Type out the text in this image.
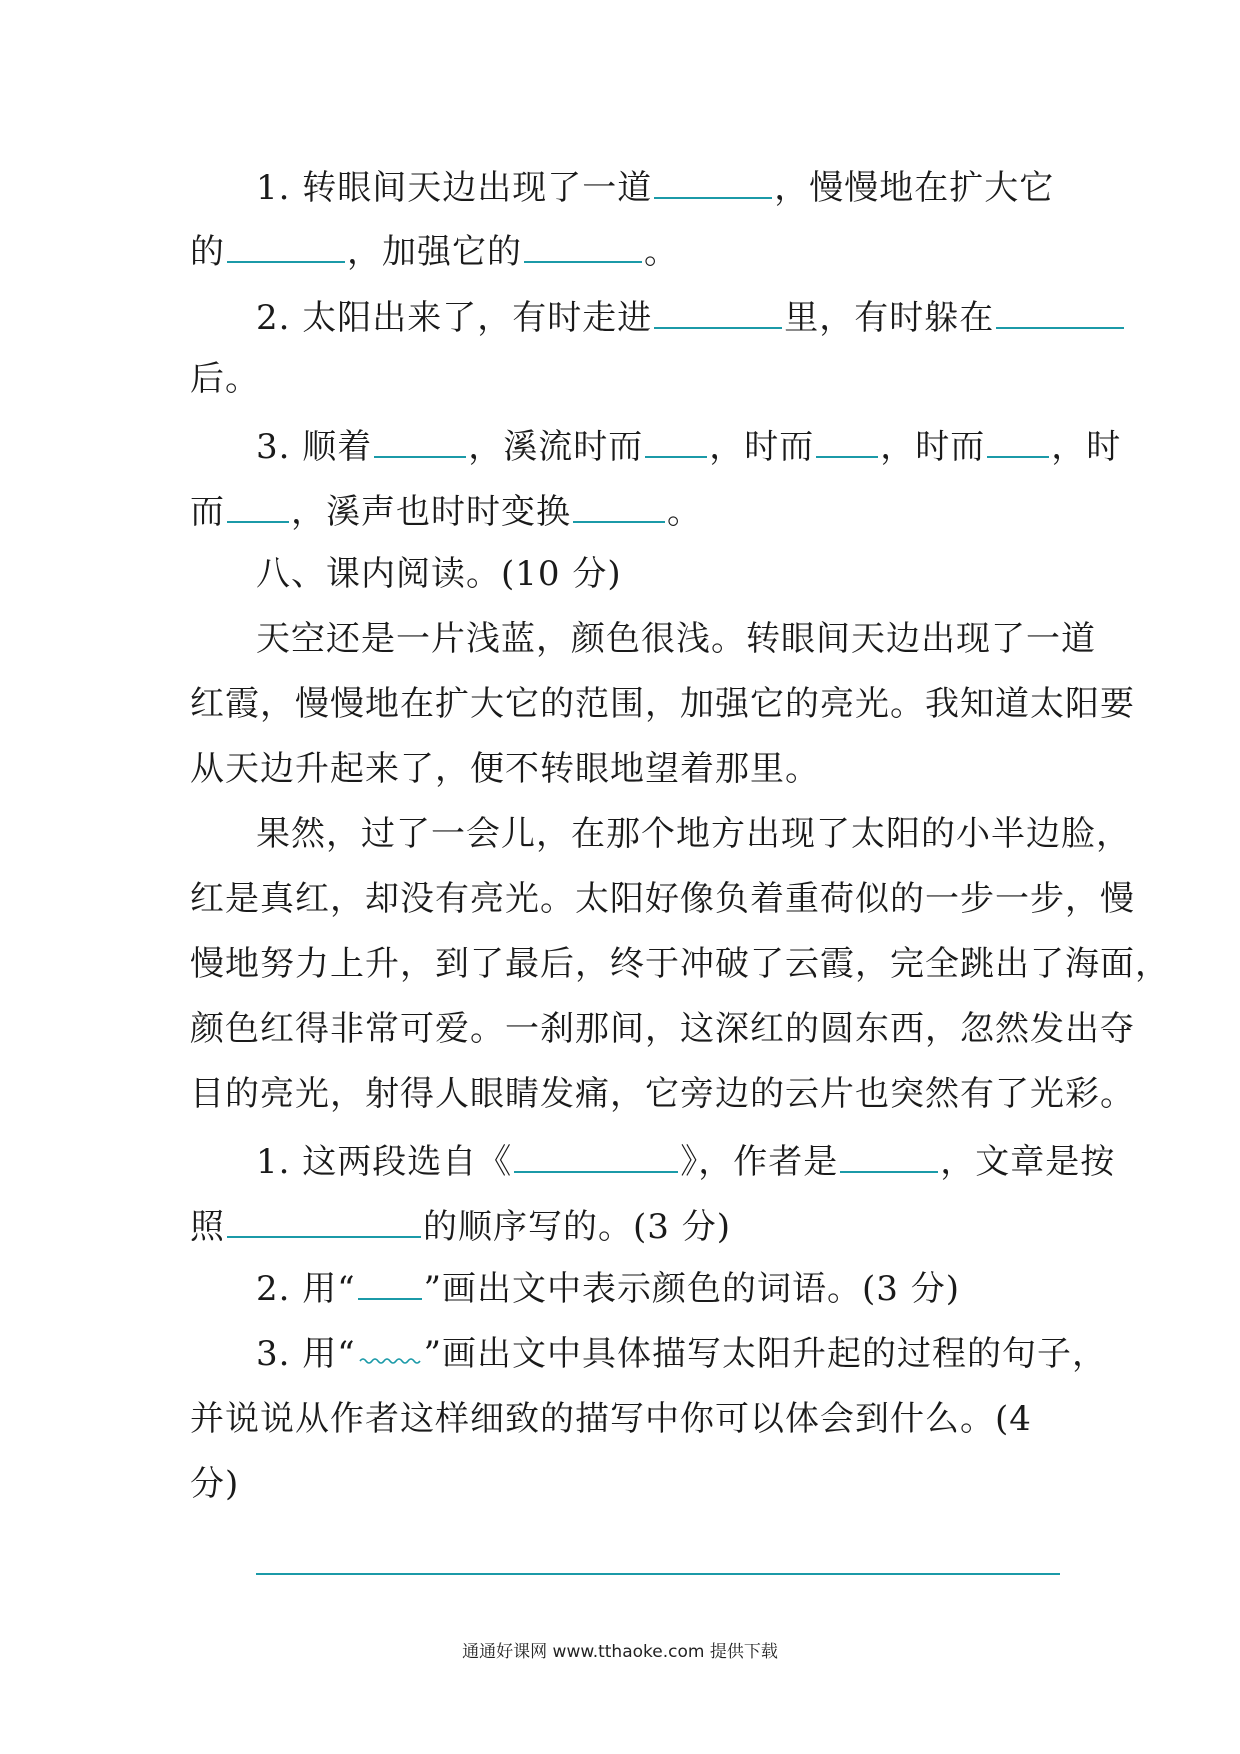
1. 转眼间天边出现了一道	，慢慢地在扩大它
的	，加强它的	。
2. 太阳出来了，有时走进	里，有时躲在
后。
3. 顺着	，溪流时而 ，时而 ，时而 ，时
而 ，溪声也时时变换	。
八、课内阅读。(10 分)
天空还是一片浅蓝，颜色很浅。转眼间天边出现了一道
红霞，慢慢地在扩大它的范围，加强它的亮光。我知道太阳要
从天边升起来了，便不转眼地望着那里。
果然，过了一会儿，在那个地方出现了太阳的小半边脸，
红是真红，却没有亮光。太阳好像负着重荷似的一步一步，慢
慢地努力上升，到了最后，终于冲破了云霞，完全跳出了海面，
颜色红得非常可爱。一刹那间，这深红的圆东西，忽然发出夺
目的亮光，射得人眼睛发痛，它旁边的云片也突然有了光彩。
1. 这两段选自《	》，作者是	，文章是按
照	的顺序写的。(3 分)
2. 用“ ”画出文中表示颜色的词语。(3 分)
3. 用“ ”画出文中具体描写太阳升起的过程的句子，
并说说从作者这样细致的描写中你可以体会到什么。(4
分)
通通好课网 www.tthaoke.com 提供下载
